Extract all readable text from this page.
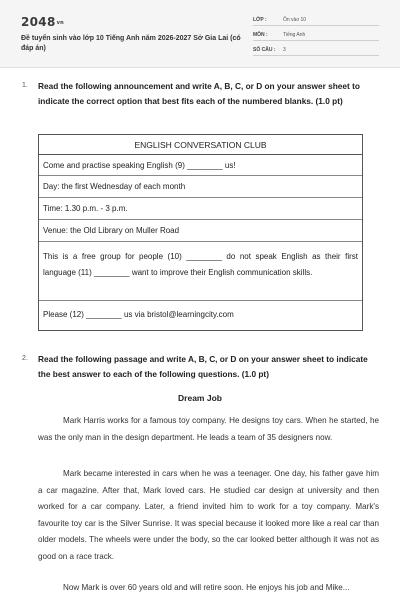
2048vn
Đề tuyển sinh vào lớp 10 Tiếng Anh năm 2026-2027 Sở Gia Lai (có đáp án)
LỚP :	Ôn vào 10
MÔN :	Tiếng Anh
SỐ CÂU : 3
1. Read the following announcement and write A, B, C, or D on your answer sheet to indicate the correct option that best fits each of the numbered blanks. (1.0 pt)
ENGLISH CONVERSATION CLUB
Come and practise speaking English (9) ________ us!
Day: the first Wednesday of each month
Time: 1.30 p.m. - 3 p.m.
Venue: the Old Library on Muller Road
This is a free group for people (10) ________ do not speak English as their first language (11) ________ want to improve their English communication skills.
Please (12) ________ us via bristol@learningcity.com
2. Read the following passage and write A, B, C, or D on your answer sheet to indicate the best answer to each of the following questions. (1.0 pt)
Dream Job
Mark Harris works for a famous toy company. He designs toy cars. When he started, he was the only man in the design department. He leads a team of 35 designers now.
Mark became interested in cars when he was a teenager. One day, his father gave him a car magazine. After that, Mark loved cars. He studied car design at university and then worked for a car company. Later, a friend invited him to work for a toy company. Mark's favourite toy car is the Silver Sunrise. It was special because it looked more like a real car than older models. The wheels were under the body, so the car looked better although it was not as good on a race track.
Now Mark is over 60 years old and will retire soon. He enjoys his job and Mike...
